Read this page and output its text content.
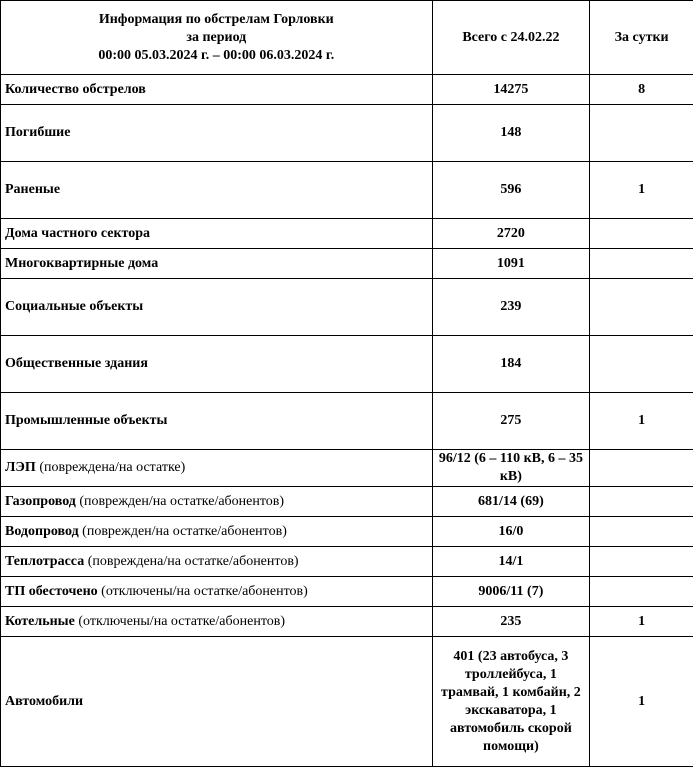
Информация по обстрелам Горловки
за период
00:00 05.03.2024 г. – 00:00 06.03.2024 г.	Всего с 24.02.22	За сутки
Количество обстрелов	14275	8
Погибшие	148	
Раненые	596	1
Дома частного сектора	2720	
Многоквартирные дома	1091	
Социальные объекты	239	
Общественные здания	184	
Промышленные объекты	275	1
ЛЭП (повреждена/на остатке)	96/12 (6 – 110 кВ, 6 – 35 кВ)	
Газопровод (поврежден/на остатке/абонентов)	681/14 (69)	
Водопровод (поврежден/на остатке/абонентов)	16/0	
Теплотрасса (повреждена/на остатке/абонентов)	14/1	
ТП обесточено (отключены/на остатке/абонентов)	9006/11 (7)	
Котельные (отключены/на остатке/абонентов)	235	1
Автомобили	401 (23 автобуса, 3 троллейбуса, 1 трамвай, 1 комбайн, 2 экскаватора, 1 автомобиль скорой помощи)	1
